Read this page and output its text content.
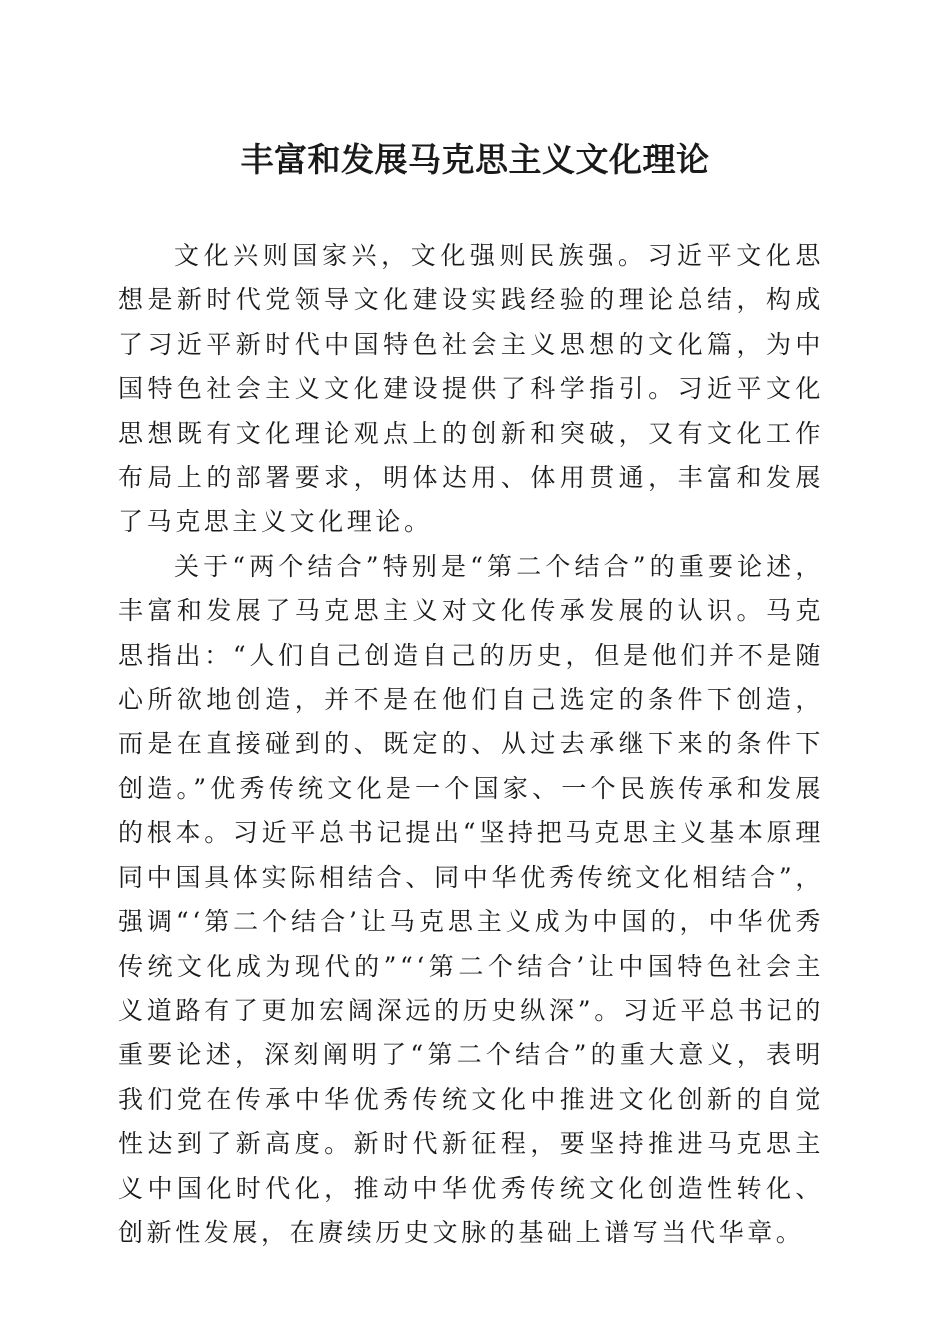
丰富和发展马克思主义文化理论

文化兴则国家兴，文化强则民族强。习近平文化思想是新时代党领导文化建设实践经验的理论总结，构成了习近平新时代中国特色社会主义思想的文化篇，为中国特色社会主义文化建设提供了科学指引。习近平文化思想既有文化理论观点上的创新和突破，又有文化工作布局上的部署要求，明体达用、体用贯通，丰富和发展了马克思主义文化理论。

关于“两个结合”特别是“第二个结合”的重要论述，丰富和发展了马克思主义对文化传承发展的认识。马克思指出：“人们自己创造自己的历史，但是他们并不是随心所欲地创造，并不是在他们自己选定的条件下创造，而是在直接碰到的、既定的、从过去承继下来的条件下创造。”优秀传统文化是一个国家、一个民族传承和发展的根本。习近平总书记提出“坚持把马克思主义基本原理同中国具体实际相结合、同中华优秀传统文化相结合”，强调“‘第二个结合’让马克思主义成为中国的，中华优秀传统文化成为现代的”“‘第二个结合’让中国特色社会主义道路有了更加宏阔深远的历史纵深”。习近平总书记的重要论述，深刻阐明了“第二个结合”的重大意义，表明我们党在传承中华优秀传统文化中推进文化创新的自觉性达到了新高度。新时代新征程，要坚持推进马克思主义中国化时代化，推动中华优秀传统文化创造性转化、创新性发展，在赓续历史文脉的基础上谱写当代华章。
